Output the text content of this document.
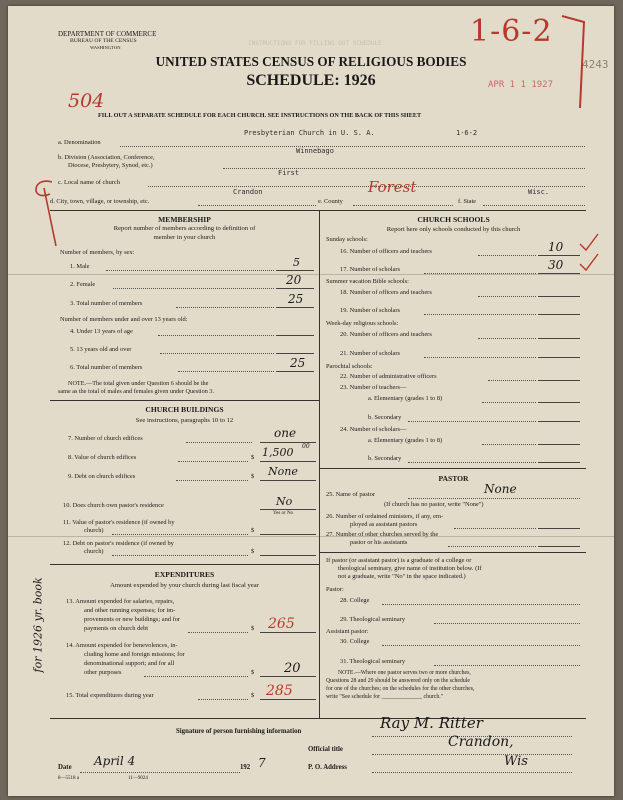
DEPARTMENT OF COMMERCE
BUREAU OF THE CENSUS
WASHINGTON
INSTRUCTIONS FOR FILLING OUT SCHEDULE
UNITED STATES CENSUS OF RELIGIOUS BODIES
SCHEDULE: 1926
FILL OUT A SEPARATE SCHEDULE FOR EACH CHURCH. SEE INSTRUCTIONS ON THE BACK OF THIS SHEET
4243
APR 1 1 1927
1-6-2
504
Presbyterian Church in U. S. A.	1-6-2
a. Denomination
Winnebago
b. Division (Association, Conference,
Diocese, Presbytery, Synod, etc.)
First
c. Local name of church
Crandon	Forest	Wisc.
d. City, town, village, or township, etc.	e. County	f. State
MEMBERSHIP
Report number of members according to definition of
member in your church
Number of members, by sex:
1. Male	5
2. Female	20
3. Total number of members	25
Number of members under and over 13 years old:
4. Under 13 years of age
5. 13 years old and over
6. Total number of members	25
NOTE.—The total given under Question 6 should be the
same as the total of males and females given under Question 3.
CHURCH BUILDINGS
See instructions, paragraphs 10 to 12
7. Number of church edifices	one
8. Value of church edifices	$ 1,500 00
9. Debt on church edifices	$ None
10. Does church own pastor's residence	No
Yes or No
11. Value of pastor's residence (if owned by
church)	$
12. Debt on pastor's residence (if owned by
church)	$
EXPENDITURES
Amount expended by your church during last fiscal year
13. Amount expended for salaries, repairs,
and other running expenses; for im-
provements or new buildings; and for
payments on church debt	$ 265
14. Amount expended for benevolences, in-
cluding home and foreign missions; for
denominational support; and for all
other purposes	$ 20
15. Total expenditures during year	$ 285
for 1926 yr. book
CHURCH SCHOOLS
Report here only schools conducted by this church
Sunday schools:
16. Number of officers and teachers	10
17. Number of scholars	30
Summer vacation Bible schools:
18. Number of officers and teachers
19. Number of scholars
Week-day religious schools:
20. Number of officers and teachers
21. Number of scholars
Parochial schools:
22. Number of administrative officers
23. Number of teachers—
a. Elementary (grades 1 to 8)
b. Secondary
24. Number of scholars—
a. Elementary (grades 1 to 8)
b. Secondary
PASTOR
25. Name of pastor	None
(If church has no pastor, write "None")
26. Number of ordained ministers, if any, em-
ployed as assistant pastors
27. Number of other churches served by the
pastor or his assistants
If pastor (or assistant pastor) is a graduate of a college or
theological seminary, give name of institution below. (If
not a graduate, write "No" in the space indicated.)
Pastor:
28. College
29. Theological seminary
Assistant pastor:
30. College
31. Theological seminary
NOTE.—Where one pastor serves two or more churches,
Questions 28 and 29 should be answered only on the schedule
for one of the churches; on the schedules for the other churches,
write "See schedule for ______________ church."
Signature of person furnishing information	Ray M. Ritter
Official title	Crandon,
Date April 4	192 7	P. O. Address	Wis
8—5518 a	11—9024
